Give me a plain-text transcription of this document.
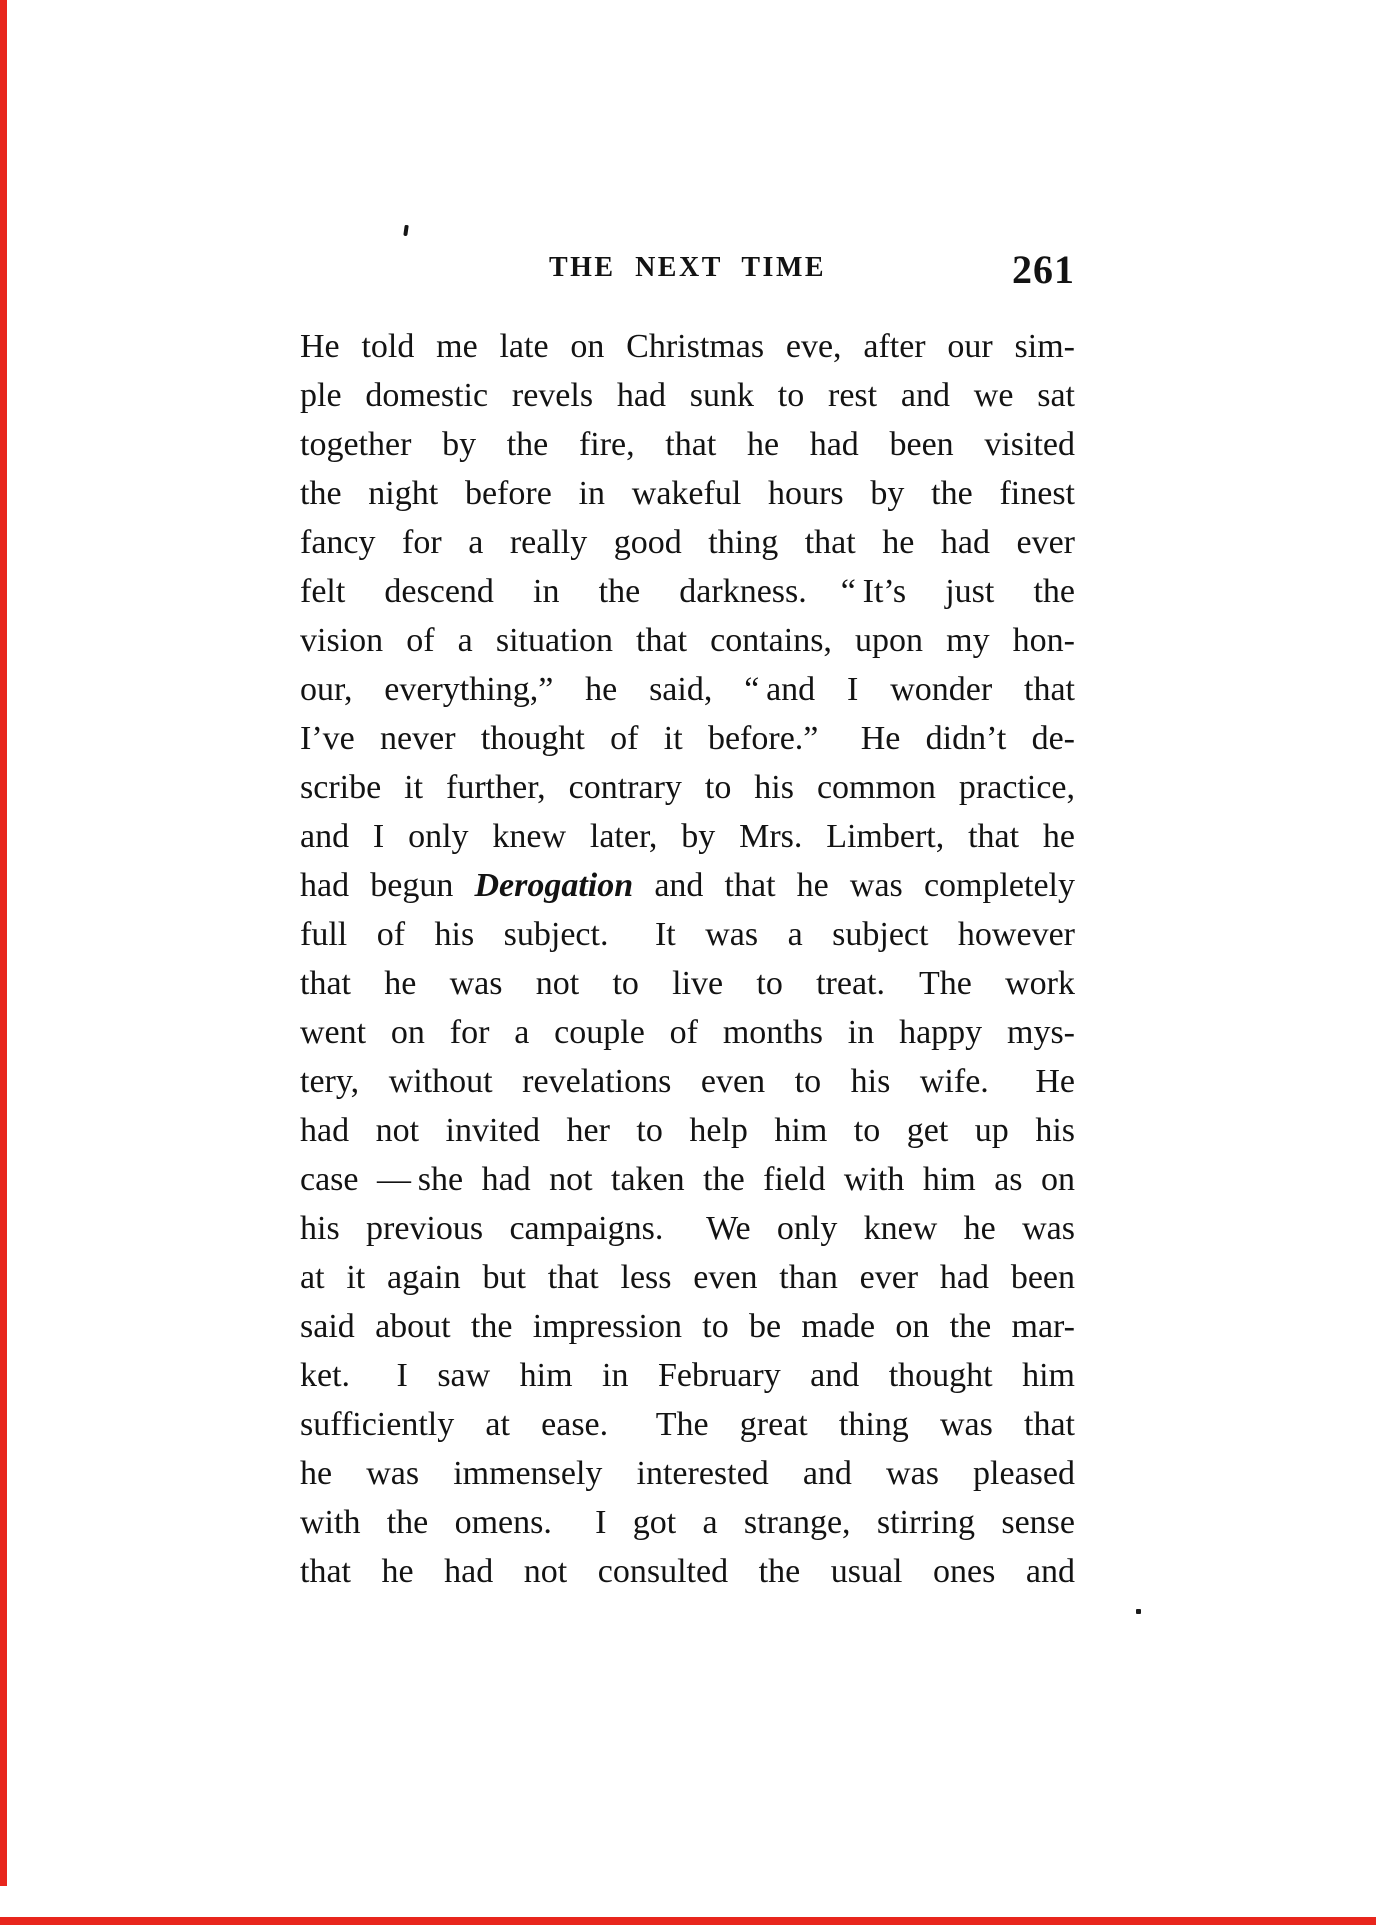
THE NEXT TIME	261
He told me late on Christmas eve, after our sim-
ple domestic revels had sunk to rest and we sat
together by the fire, that he had been visited
the night before in wakeful hours by the finest
fancy for a really good thing that he had ever
felt descend in the darkness.  “ It’s just the
vision of a situation that contains, upon my hon-
our, everything,” he said, “ and I wonder that
I’ve never thought of it before.”  He didn’t de-
scribe it further, contrary to his common practice,
and I only knew later, by Mrs. Limbert, that he
had begun Derogation and that he was completely
full of his subject.  It was a subject however
that he was not to live to treat.  The work
went on for a couple of months in happy mys-
tery, without revelations even to his wife.  He
had not invited her to help him to get up his
case — she had not taken the field with him as on
his previous campaigns.  We only knew he was
at it again but that less even than ever had been
said about the impression to be made on the mar-
ket.  I saw him in February and thought him
sufficiently at ease.  The great thing was that
he was immensely interested and was pleased
with the omens.  I got a strange, stirring sense
that he had not consulted the usual ones and
